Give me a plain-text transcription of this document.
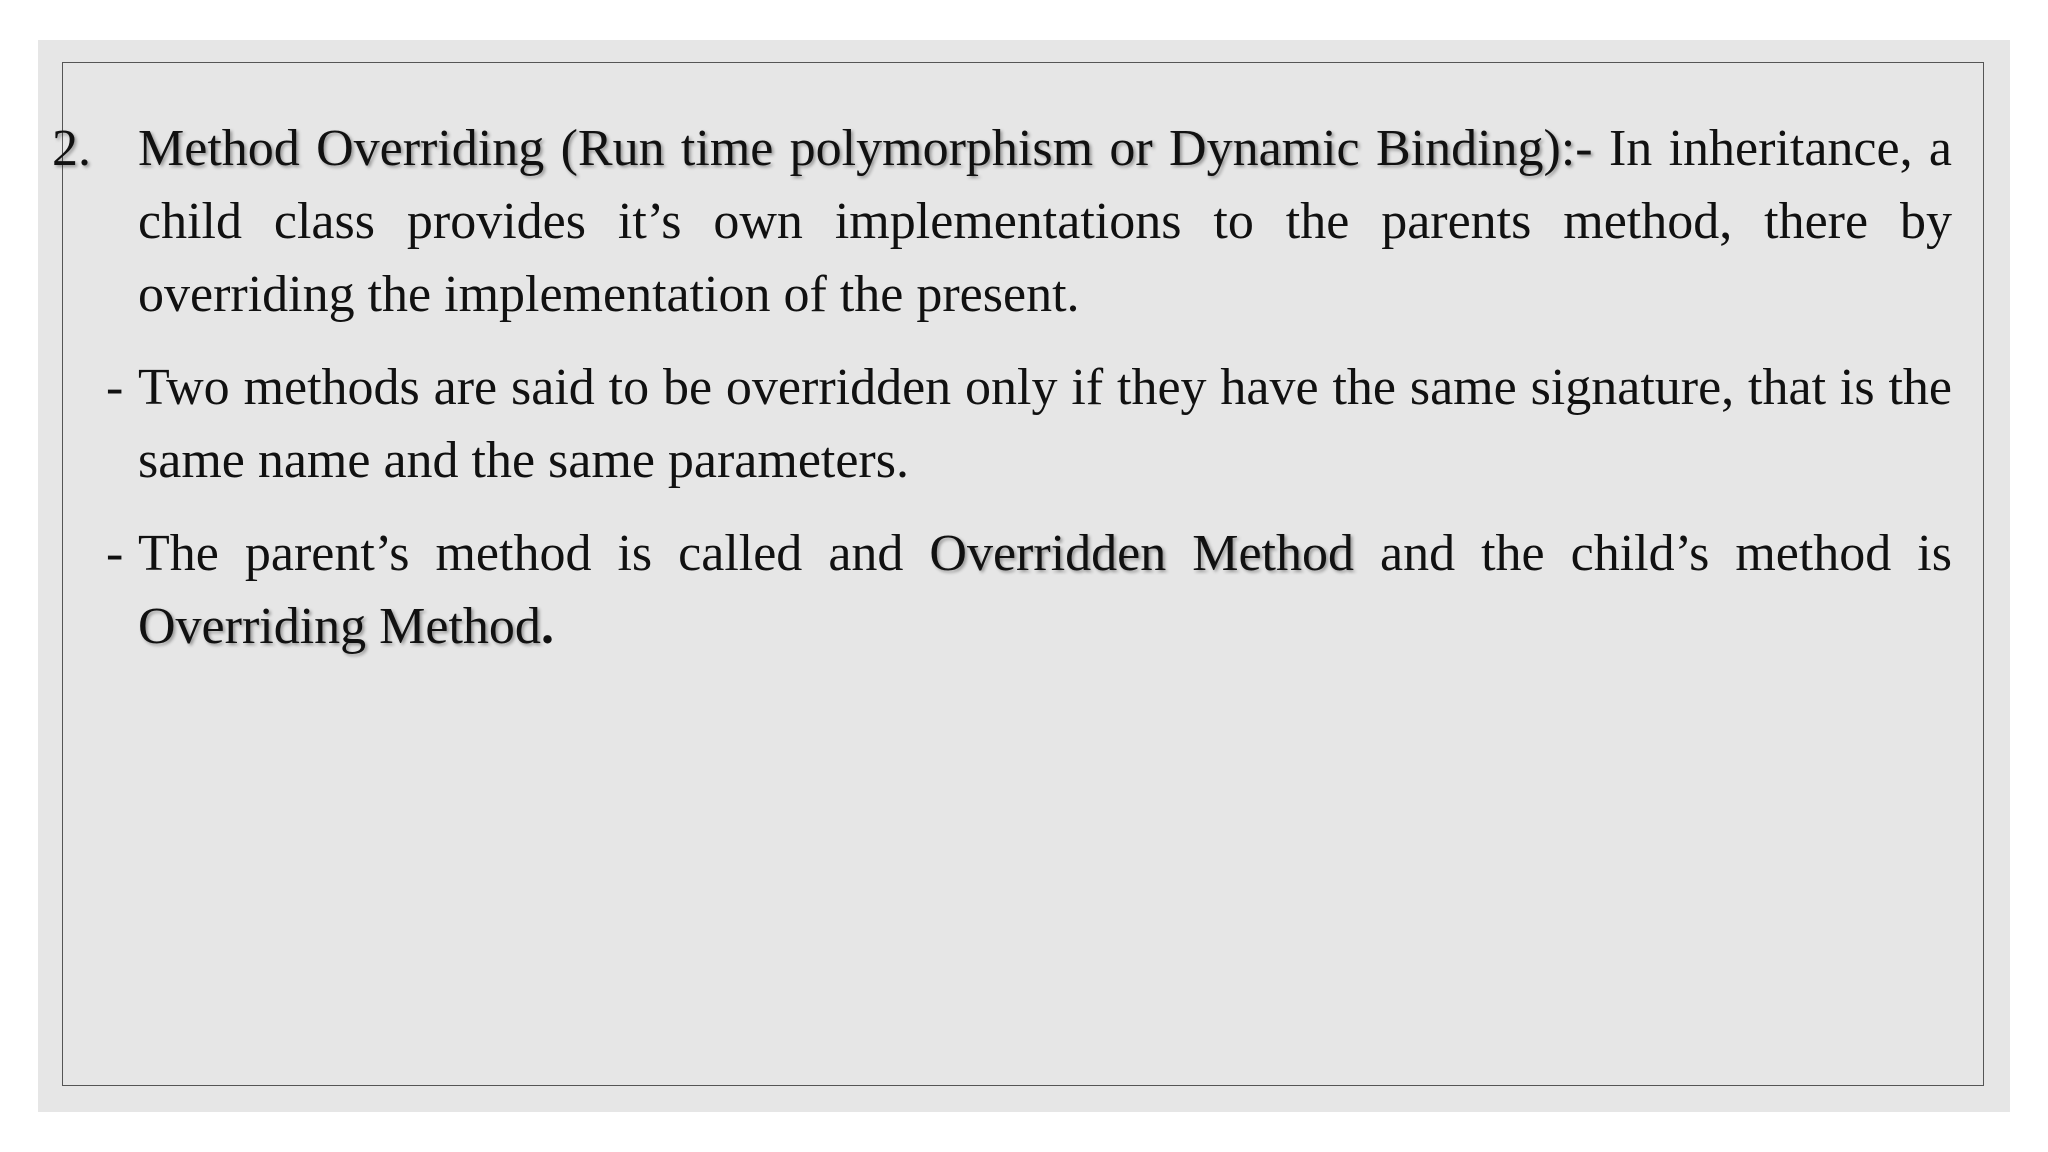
2. Method Overriding (Run time polymorphism or Dynamic Binding):- In inheritance, a child class provides it’s own implementations to the parents method, there by overriding the implementation of the present.
- Two methods are said to be overridden only if they have the same signature, that is the same name and the same parameters.
- The parent’s method is called and Overridden Method and the child’s method is Overriding Method.
